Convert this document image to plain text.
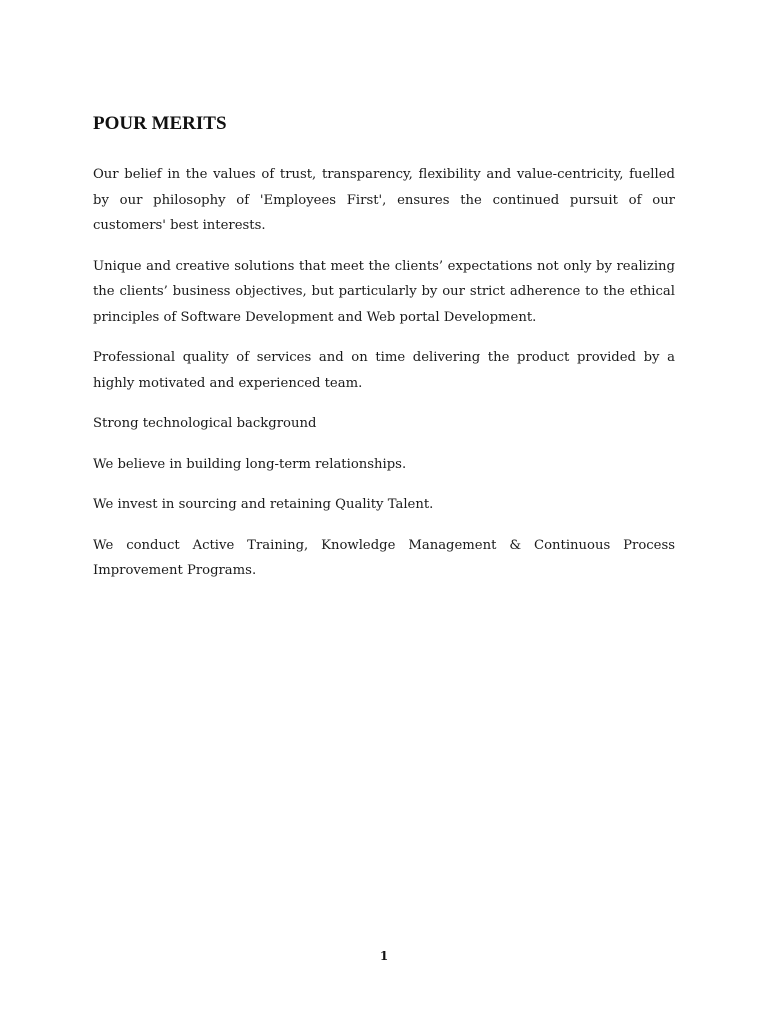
POUR MERITS

Our belief in the values of trust, transparency, flexibility and value-centricity, fuelled by our philosophy of 'Employees First', ensures the continued pursuit of our customers' best interests.

Unique and creative solutions that meet the clients’ expectations not only by realizing the clients’ business objectives, but particularly by our strict adherence to the ethical principles of Software Development and Web portal Development.

Professional quality of services and on time delivering the product provided by a highly motivated and experienced team.

Strong technological background

We believe in building long-term relationships.

We invest in sourcing and retaining Quality Talent.

We conduct Active Training, Knowledge Management & Continuous Process Improvement Programs.

1
